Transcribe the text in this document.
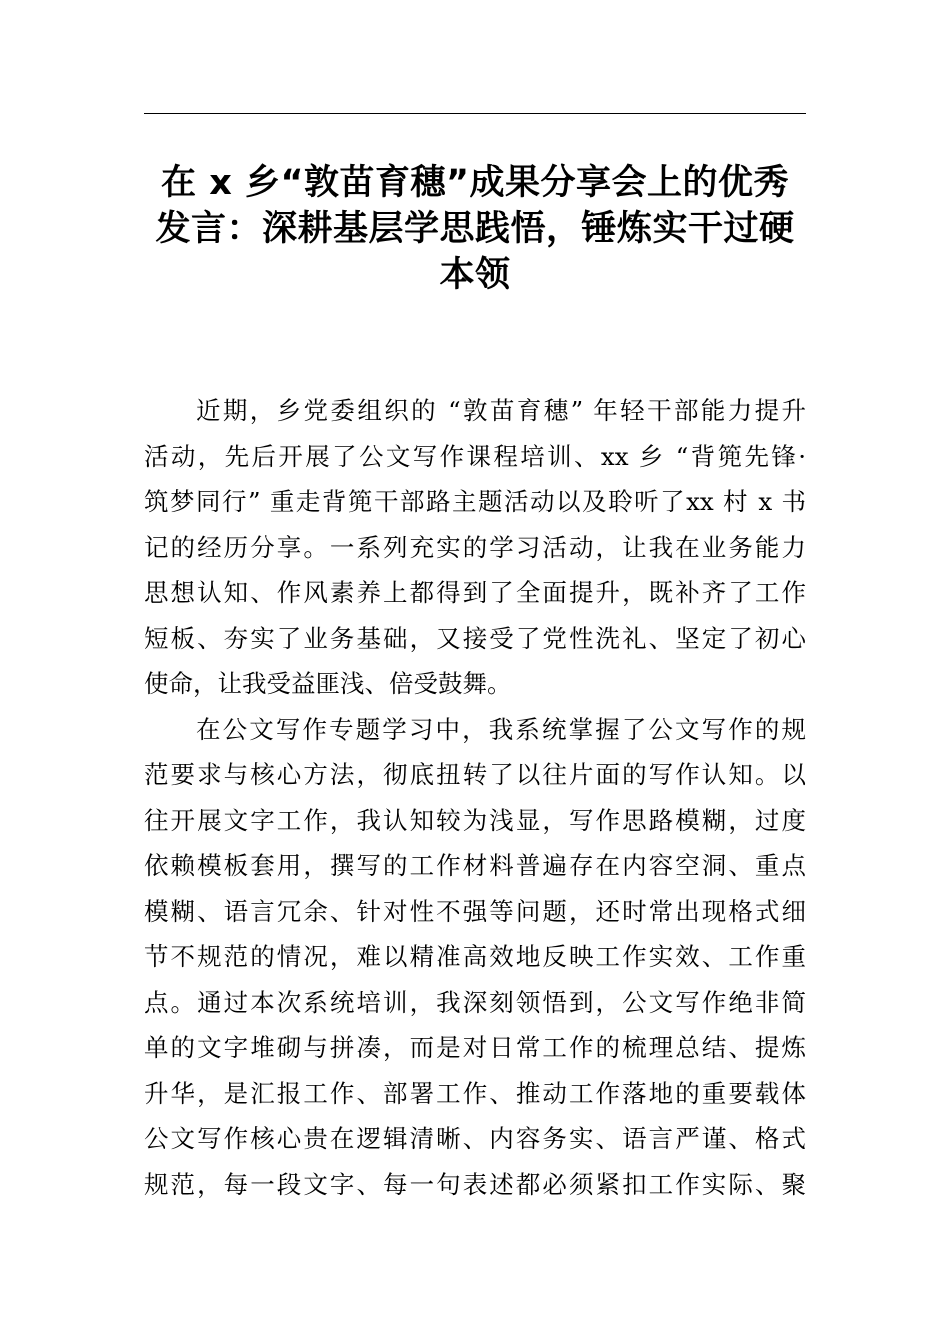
在 x 乡“敦苗育穗”成果分享会上的优秀
发言：深耕基层学思践悟，锤炼实干过硬
本领
近期，乡党委组织的 “敦苗育穗” 年轻干部能力提升
活动，先后开展了公文写作课程培训、xx 乡 “背篼先锋·
筑梦同行” 重走背篼干部路主题活动以及聆听了xx 村 x 书
记的经历分享。一系列充实的学习活动，让我在业务能力
思想认知、作风素养上都得到了全面提升，既补齐了工作
短板、夯实了业务基础，又接受了党性洗礼、坚定了初心
使命，让我受益匪浅、倍受鼓舞。
在公文写作专题学习中，我系统掌握了公文写作的规
范要求与核心方法，彻底扭转了以往片面的写作认知。以
往开展文字工作，我认知较为浅显，写作思路模糊，过度
依赖模板套用，撰写的工作材料普遍存在内容空洞、重点
模糊、语言冗余、针对性不强等问题，还时常出现格式细
节不规范的情况，难以精准高效地反映工作实效、工作重
点。通过本次系统培训，我深刻领悟到，公文写作绝非简
单的文字堆砌与拼凑，而是对日常工作的梳理总结、提炼
升华，是汇报工作、部署工作、推动工作落地的重要载体
公文写作核心贵在逻辑清晰、内容务实、语言严谨、格式
规范，每一段文字、每一句表述都必须紧扣工作实际、聚
